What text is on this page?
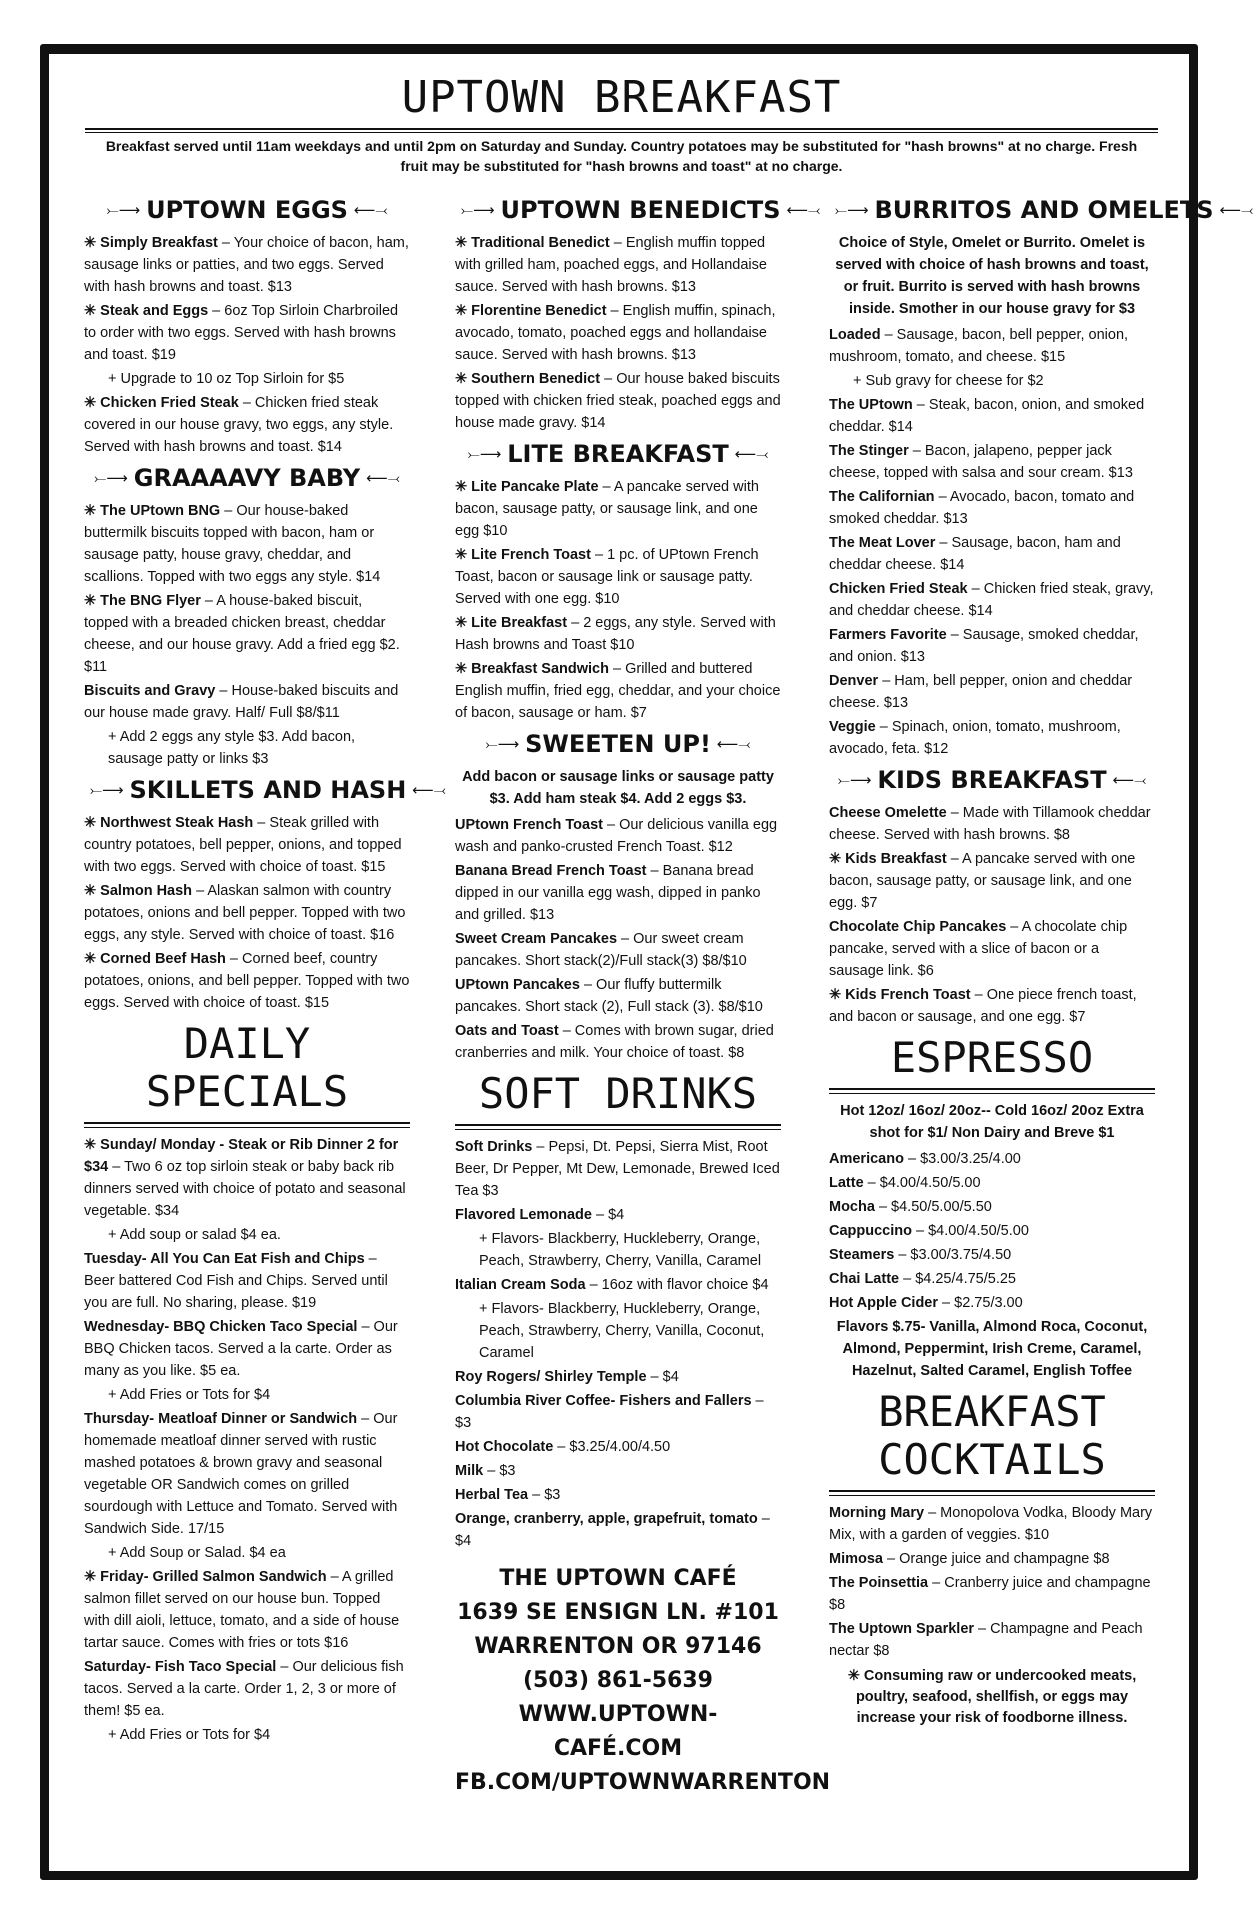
UPTOWN BREAKFAST
Breakfast served until 11am weekdays and until 2pm on Saturday and Sunday. Country potatoes may be substituted for "hash browns" at no charge. Fresh fruit may be substituted for "hash browns and toast" at no charge.
⤚⟶ UPTOWN EGGS ⟵⤙
✳ Simply Breakfast – Your choice of bacon, ham, sausage links or patties, and two eggs. Served with hash browns and toast. $13
✳ Steak and Eggs – 6oz Top Sirloin Charbroiled to order with two eggs. Served with hash browns and toast. $19
+ Upgrade to 10 oz Top Sirloin for $5
✳ Chicken Fried Steak – Chicken fried steak covered in our house gravy, two eggs, any style. Served with hash browns and toast. $14
⤚⟶ GRAAAAVY BABY ⟵⤙
✳ The UPtown BNG – Our house-baked buttermilk biscuits topped with bacon, ham or sausage patty, house gravy, cheddar, and scallions. Topped with two eggs any style. $14
✳ The BNG Flyer – A house-baked biscuit, topped with a breaded chicken breast, cheddar cheese, and our house gravy. Add a fried egg $2. $11
Biscuits and Gravy – House-baked biscuits and our house made gravy. Half/ Full $8/$11
+ Add 2 eggs any style $3. Add bacon, sausage patty or links $3
⤚⟶ SKILLETS AND HASH ⟵⤙
✳ Northwest Steak Hash – Steak grilled with country potatoes, bell pepper, onions, and topped with two eggs. Served with choice of toast. $15
✳ Salmon Hash – Alaskan salmon with country potatoes, onions and bell pepper. Topped with two eggs, any style. Served with choice of toast. $16
✳ Corned Beef Hash – Corned beef, country potatoes, onions, and bell pepper. Topped with two eggs. Served with choice of toast. $15
DAILY
SPECIALS
✳ Sunday/ Monday - Steak or Rib Dinner 2 for $34 – Two 6 oz top sirloin steak or baby back rib dinners served with choice of potato and seasonal vegetable. $34
+ Add soup or salad $4 ea.
Tuesday- All You Can Eat Fish and Chips – Beer battered Cod Fish and Chips. Served until you are full. No sharing, please. $19
Wednesday- BBQ Chicken Taco Special – Our BBQ Chicken tacos. Served a la carte. Order as many as you like. $5 ea.
+ Add Fries or Tots for $4
Thursday- Meatloaf Dinner or Sandwich – Our homemade meatloaf dinner served with rustic mashed potatoes & brown gravy and seasonal vegetable OR Sandwich comes on grilled sourdough with Lettuce and Tomato. Served with Sandwich Side. 17/15
+ Add Soup or Salad. $4 ea
✳ Friday- Grilled Salmon Sandwich – A grilled salmon fillet served on our house bun. Topped with dill aioli, lettuce, tomato, and a side of house tartar sauce. Comes with fries or tots $16
Saturday- Fish Taco Special – Our delicious fish tacos. Served a la carte. Order 1, 2, 3 or more of them! $5 ea.
+ Add Fries or Tots for $4
⤚⟶ UPTOWN BENEDICTS ⟵⤙
✳ Traditional Benedict – English muffin topped with grilled ham, poached eggs, and Hollandaise sauce. Served with hash browns. $13
✳ Florentine Benedict – English muffin, spinach, avocado, tomato, poached eggs and hollandaise sauce. Served with hash browns. $13
✳ Southern Benedict – Our house baked biscuits topped with chicken fried steak, poached eggs and house made gravy. $14
⤚⟶ LITE BREAKFAST ⟵⤙
✳ Lite Pancake Plate – A pancake served with bacon, sausage patty, or sausage link, and one egg $10
✳ Lite French Toast – 1 pc. of UPtown French Toast, bacon or sausage link or sausage patty. Served with one egg. $10
✳ Lite Breakfast – 2 eggs, any style. Served with Hash browns and Toast $10
✳ Breakfast Sandwich – Grilled and buttered English muffin, fried egg, cheddar, and your choice of bacon, sausage or ham. $7
⤚⟶ SWEETEN UP! ⟵⤙
Add bacon or sausage links or sausage patty $3. Add ham steak $4. Add 2 eggs $3.
UPtown French Toast – Our delicious vanilla egg wash and panko-crusted French Toast. $12
Banana Bread French Toast – Banana bread dipped in our vanilla egg wash, dipped in panko and grilled. $13
Sweet Cream Pancakes – Our sweet cream pancakes. Short stack(2)/Full stack(3) $8/$10
UPtown Pancakes – Our fluffy buttermilk pancakes. Short stack (2), Full stack (3). $8/$10
Oats and Toast – Comes with brown sugar, dried cranberries and milk. Your choice of toast. $8
SOFT DRINKS
Soft Drinks – Pepsi, Dt. Pepsi, Sierra Mist, Root Beer, Dr Pepper, Mt Dew, Lemonade, Brewed Iced Tea $3
Flavored Lemonade – $4
+ Flavors- Blackberry, Huckleberry, Orange, Peach, Strawberry, Cherry, Vanilla, Caramel
Italian Cream Soda – 16oz with flavor choice $4
+ Flavors- Blackberry, Huckleberry, Orange, Peach, Strawberry, Cherry, Vanilla, Coconut, Caramel
Roy Rogers/ Shirley Temple – $4
Columbia River Coffee- Fishers and Fallers – $3
Hot Chocolate – $3.25/4.00/4.50
Milk – $3
Herbal Tea – $3
Orange, cranberry, apple, grapefruit, tomato – $4
THE UPTOWN CAFÉ
1639 SE ENSIGN LN. #101
WARRENTON OR 97146
(503) 861-5639
WWW.UPTOWN-CAFÉ.COM
FB.COM/UPTOWNWARRENTON
⤚⟶ BURRITOS AND OMELETS ⟵⤙
Choice of Style, Omelet or Burrito. Omelet is served with choice of hash browns and toast, or fruit. Burrito is served with hash browns inside. Smother in our house gravy for $3
Loaded – Sausage, bacon, bell pepper, onion, mushroom, tomato, and cheese. $15
+ Sub gravy for cheese for $2
The UPtown – Steak, bacon, onion, and smoked cheddar. $14
The Stinger – Bacon, jalapeno, pepper jack cheese, topped with salsa and sour cream. $13
The Californian – Avocado, bacon, tomato and smoked cheddar. $13
The Meat Lover – Sausage, bacon, ham and cheddar cheese. $14
Chicken Fried Steak – Chicken fried steak, gravy, and cheddar cheese. $14
Farmers Favorite – Sausage, smoked cheddar, and onion. $13
Denver – Ham, bell pepper, onion and cheddar cheese. $13
Veggie – Spinach, onion, tomato, mushroom, avocado, feta. $12
⤚⟶ KIDS BREAKFAST ⟵⤙
Cheese Omelette – Made with Tillamook cheddar cheese. Served with hash browns. $8
✳ Kids Breakfast – A pancake served with one bacon, sausage patty, or sausage link, and one egg. $7
Chocolate Chip Pancakes – A chocolate chip pancake, served with a slice of bacon or a sausage link. $6
✳ Kids French Toast – One piece french toast, and bacon or sausage, and one egg. $7
ESPRESSO
Hot 12oz/ 16oz/ 20oz-- Cold 16oz/ 20oz Extra shot for $1/ Non Dairy and Breve $1
Americano – $3.00/3.25/4.00
Latte – $4.00/4.50/5.00
Mocha – $4.50/5.00/5.50
Cappuccino – $4.00/4.50/5.00
Steamers – $3.00/3.75/4.50
Chai Latte – $4.25/4.75/5.25
Hot Apple Cider – $2.75/3.00
Flavors $.75- Vanilla, Almond Roca, Coconut, Almond, Peppermint, Irish Creme, Caramel, Hazelnut, Salted Caramel, English Toffee
BREAKFAST
COCKTAILS
Morning Mary – Monopolova Vodka, Bloody Mary Mix, with a garden of veggies. $10
Mimosa – Orange juice and champagne $8
The Poinsettia – Cranberry juice and champagne $8
The Uptown Sparkler – Champagne and Peach nectar $8
✳ Consuming raw or undercooked meats, poultry, seafood, shellfish, or eggs may increase your risk of foodborne illness.
